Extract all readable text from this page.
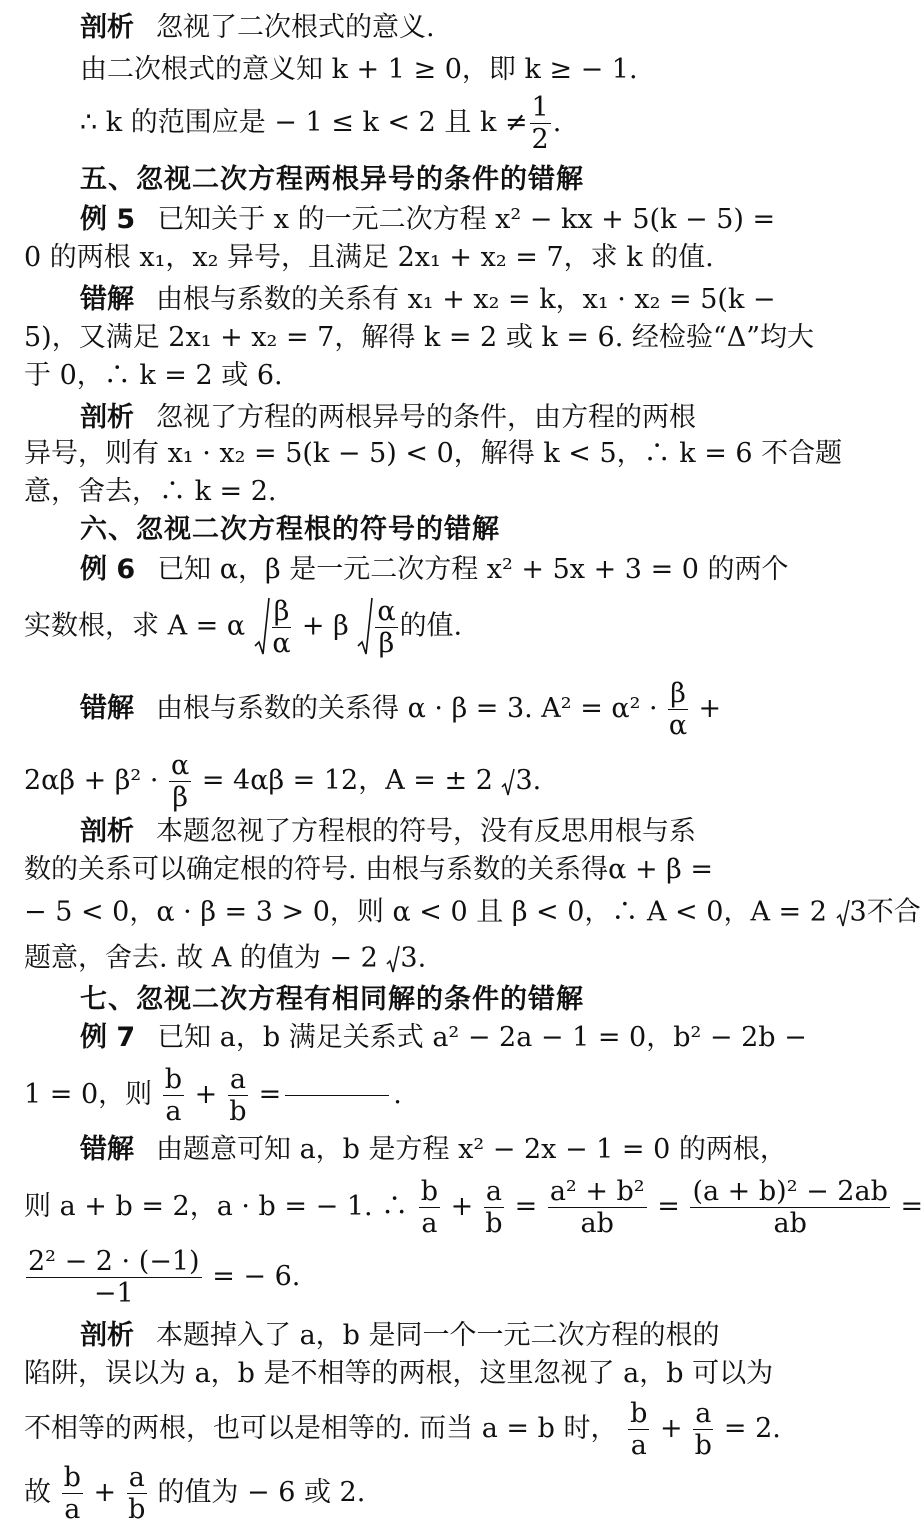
剖析 忽视了二次根式的意义.
由二次根式的意义知 k + 1 ≥ 0，即 k ≥ − 1.
∴ k 的范围应是 − 1 ≤ k < 2 且 $k \ne \frac{1}{2}$ .
五、忽视二次方程两根异号的条件的错解
例 5 已知关于 x 的一元二次方程 x² − kx + 5(k − 5) =
0 的两根 x₁，x₂ 异号，且满足 2x₁ + x₂ = 7，求 k 的值.
错解 由根与系数的关系有 x₁ + x₂ = k，x₁ · x₂ = 5(k −
5)，又满足 2x₁ + x₂ = 7，解得 k = 2 或 k = 6. 经检验“Δ”均大
于 0，∴ k = 2 或 6.
剖析 忽视了方程的两根异号的条件，由方程的两根
异号，则有 x₁ · x₂ = 5(k − 5) < 0，解得 k < 5，∴ k = 6 不合题
意，舍去，∴ k = 2.
六、忽视二次方程根的符号的错解
例 6 已知 α，β 是一元二次方程 x² + 5x + 3 = 0 的两个
实数根，求 A = α $\frac{\beta}{\alpha} + \beta \frac{\alpha}{\beta}$ 的值.
错解 由根与系数的关系得 α · β = 3. $A^2 = \alpha^2 \cdot \frac{\beta}{\alpha}$ +
$2\alpha\beta + \beta^2 \cdot \frac{\alpha}{\beta} = 4\alpha\beta = 12$，A = ± 2 3.
剖析 本题忽视了方程根的符号，没有反思用根与系
数的关系可以确定根的符号. 由根与系数的关系得α + β =
− 5 < 0，α · β = 3 > 0，则 α < 0 且 β < 0，∴ A < 0，A = 2 3不合
题意，舍去. 故 A 的值为 − 2 3.
七、忽视二次方程有相同解的条件的错解
例 7 已知 a，b 满足关系式 a² − 2a − 1 = 0，b² − 2b −
1 = 0，则 $\frac{b}{a} + \frac{a}{b}$ =	.
错解 由题意可知 a，b 是方程 x² − 2x − 1 = 0 的两根，
则 a + b = 2，a · b = − 1. ∴ $\frac{b}{a} + \frac{a}{b} = \frac{\text{a² + b²}}{ab} = \frac{\text{(a + b)² − 2ab}}{ab}$ =
$\frac{\text{2² − 2 · (−1)}}{-1}$ = − 6.
剖析 本题掉入了 a，b 是同一个一元二次方程的根的
陷阱，误以为 a，b 是不相等的两根，这里忽视了 a，b 可以为
不相等的两根，也可以是相等的. 而当 a = b 时， $\frac{b}{a} + \frac{a}{b} = 2$.
故 $\frac{b}{a} + \frac{a}{b}$ 的值为 − 6 或 2.
